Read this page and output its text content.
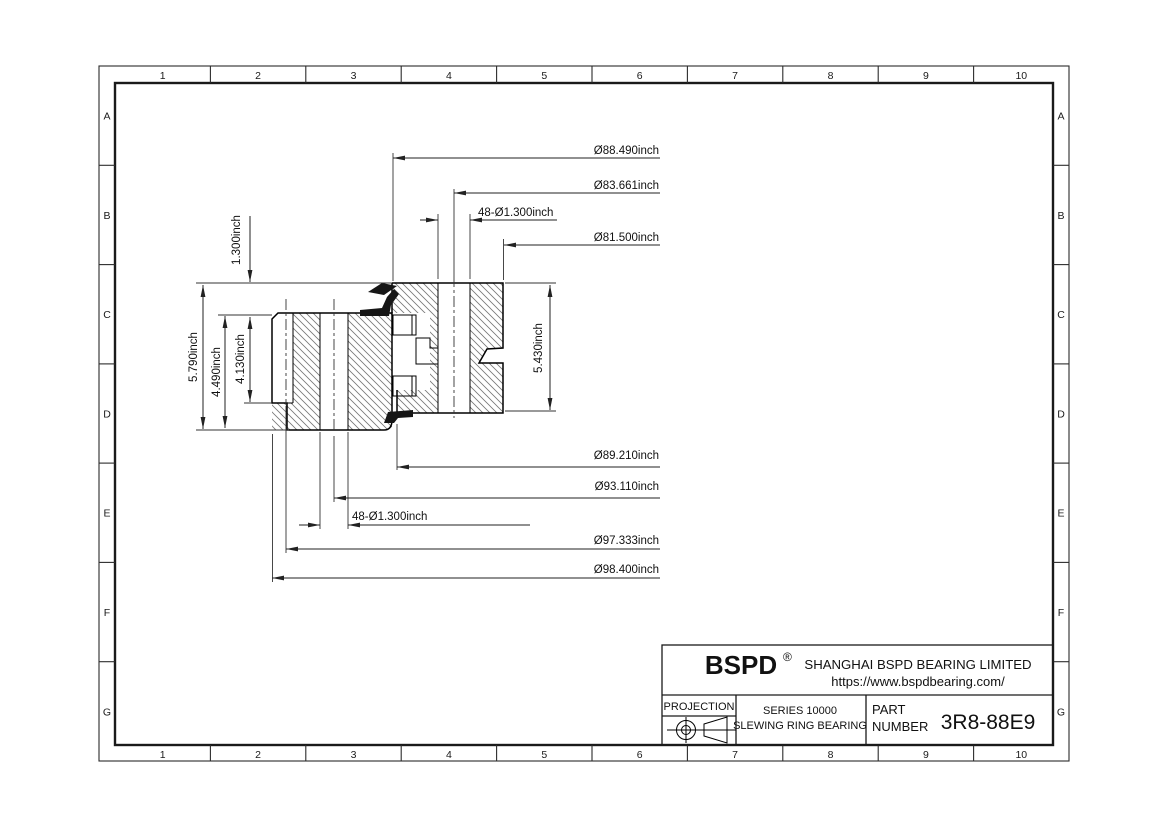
1	2	3	4	5	6	7	8	9	10
1	2	3	4	5	6	7	8	9	10
A
B
C
D
E
F
G
A
B
C
D
E
F
G
Ø88.490inch
Ø83.661inch
48-Ø1.300inch
Ø81.500inch
Ø89.210inch
Ø93.110inch
48-Ø1.300inch
Ø97.333inch
Ø98.400inch
1.300inch
5.790inch 4.490inch 4.130inch	5.430inch
BSPD ® SHANGHAI BSPD BEARING LIMITED
https://www.bspdbearing.com/
PROJECTION	SERIES 10000
SLEWING RING BEARING
PART
NUMBER 3R8-88E9
